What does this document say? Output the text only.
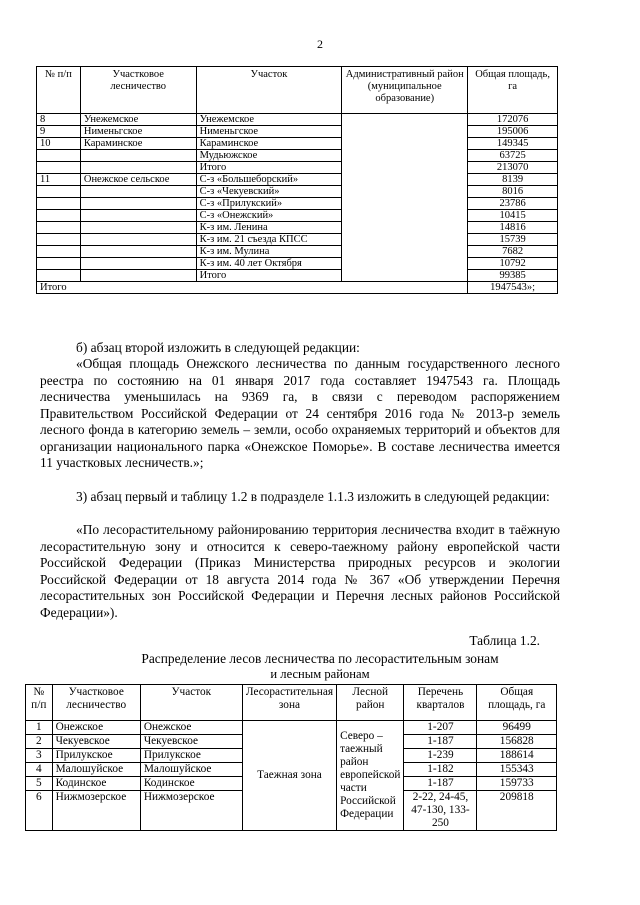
2
№ п/п	Участковое лесничество	Участок	Административный район (муниципальное образование)	Общая площадь, га
8	Унежемское	Унежемское		172076
9	Нименьгское	Нименьгское		195006
10	Караминское	Караминское		149345
		Мудьюжское		63725
		Итого		213070
11	Онежское сельское	С-з «Большеборский»		8139
		С-з «Чекуевский»		8016
		С-з «Прилукский»		23786
		С-з «Онежский»		10415
		К-з им. Ленина		14816
		К-з им. 21 съезда КПСС		15739
		К-з им. Мулина		7682
		К-з им. 40 лет Октября		10792
		Итого		99385
Итого				1947543»;
б) абзац второй изложить в следующей редакции:
«Общая площадь Онежского лесничества по данным государственного лесного реестра по состоянию на 01 января 2017 года составляет 1947543 га. Площадь лесничества уменьшилась на 9369 га, в связи с переводом распоряжением Правительством Российской Федерации от 24 сентября 2016 года № 2013-р земель лесного фонда в категорию земель – земли, особо охраняемых территорий и объектов для организации национального парка «Онежское Поморье». В составе лесничества имеется 11 участковых лесничеств.»;
3) абзац первый и таблицу 1.2 в подразделе 1.1.3 изложить в следующей редакции:
«По лесорастительному районированию территория лесничества входит в таёжную лесорастительную зону и относится к северо-таежному району европейской части Российской Федерации (Приказ Министерства природных ресурсов и экологии Российской Федерации от 18 августа 2014 года № 367 «Об утверждении Перечня лесорастительных зон Российской Федерации и Перечня лесных районов Российской Федерации»).
Таблица 1.2.
Распределение лесов лесничества по лесорастительным зонам
и лесным районам
№ п/п	Участковое лесничество	Участок	Лесорастительная зона	Лесной район	Перечень кварталов	Общая площадь, га
1	Онежское	Онежское	Таежная зона	Северо – таежный район европейской части Российской Федерации	1-207	96499
2	Чекуевское	Чекуевское			1-187	156828
3	Прилукское	Прилукское			1-239	188614
4	Малошуйское	Малошуйское			1-182	155343
5	Кодинское	Кодинское			1-187	159733
6	Нижмозерское	Нижмозерское			2-22, 24-45, 47-130, 133-250	209818
